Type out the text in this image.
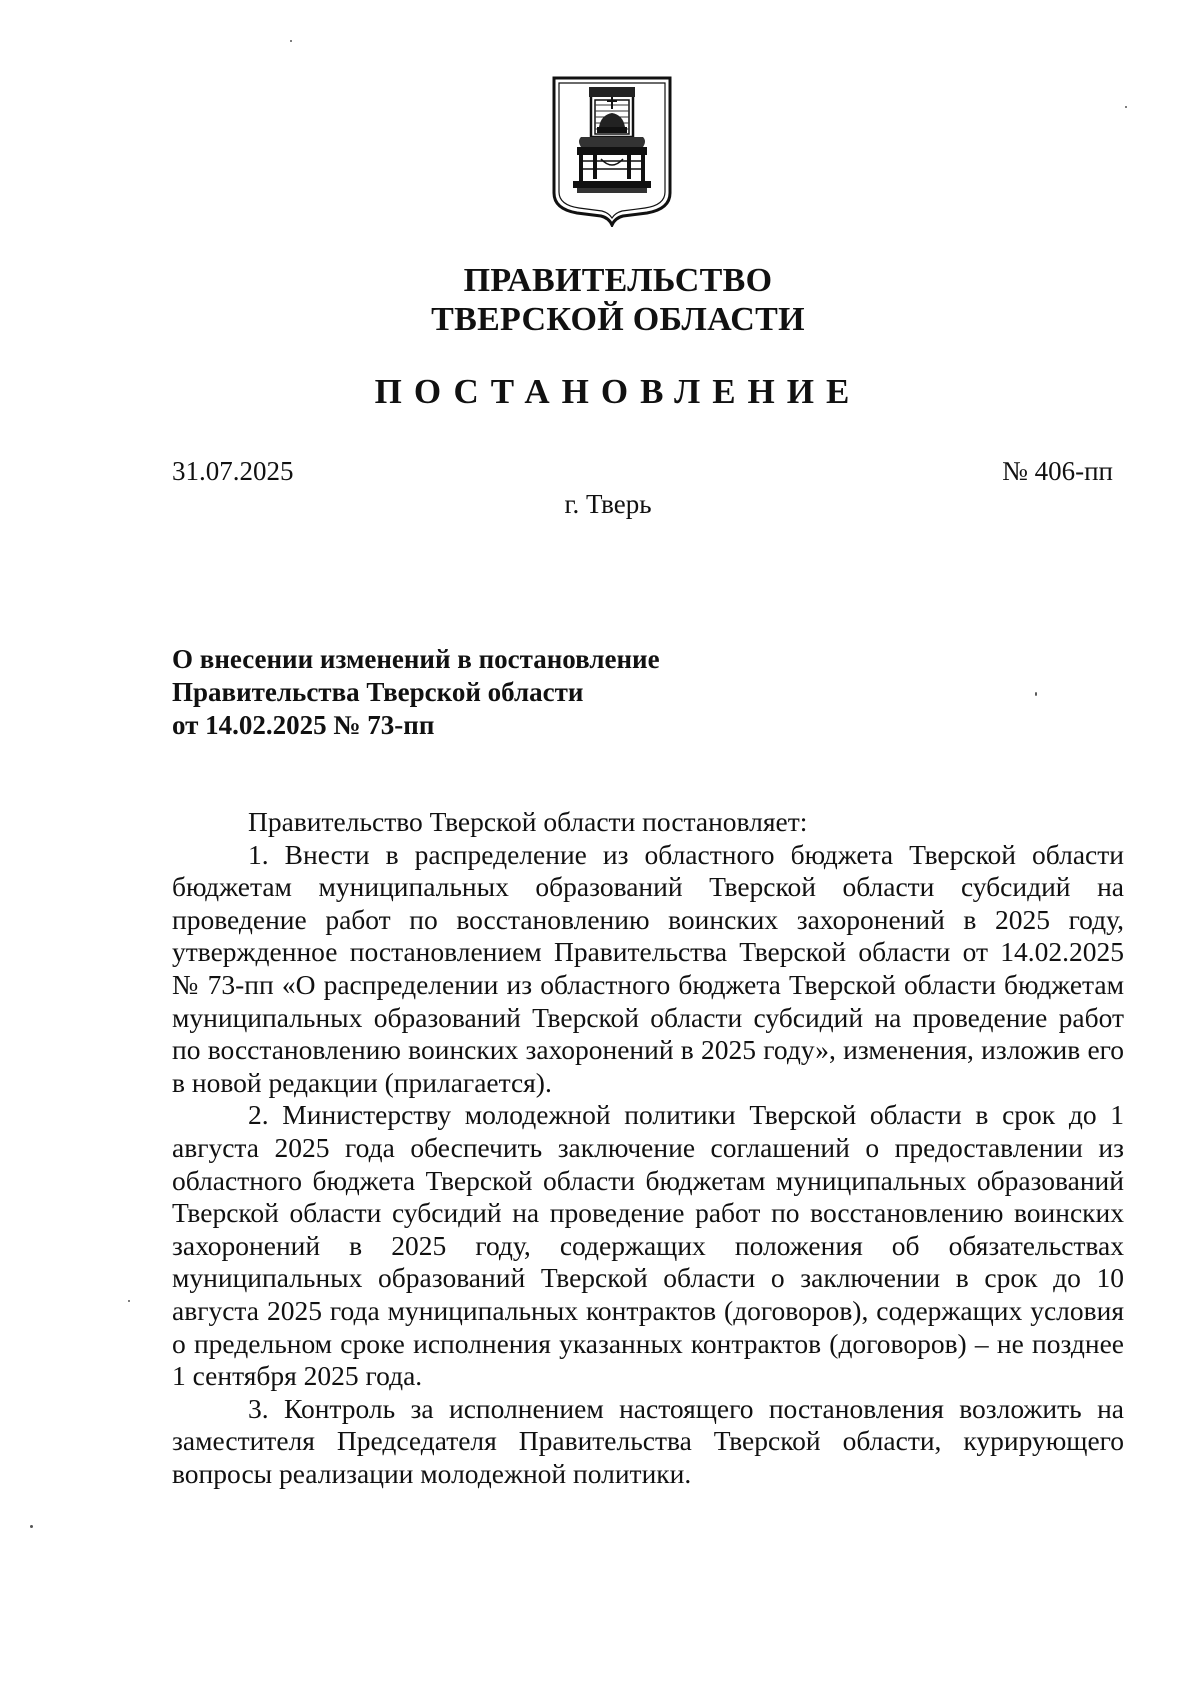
ПРАВИТЕЛЬСТВО
ТВЕРСКОЙ ОБЛАСТИ
ПОСТАНОВЛЕНИЕ
31.07.2025	№ 406-пп
г. Тверь
О внесении изменений в постановление
Правительства Тверской области
от 14.02.2025 № 73-пп

Правительство Тверской области постановляет:

1. Внести в распределение из областного бюджета Тверской области бюджетам муниципальных образований Тверской области субсидий на проведение работ по восстановлению воинских захоронений в 2025 году, утвержденное постановлением Правительства Тверской области от 14.02.2025 № 73-пп «О распределении из областного бюджета Тверской области бюджетам муниципальных образований Тверской области субсидий на проведение работ по восстановлению воинских захоронений в 2025 году», изменения, изложив его в новой редакции (прилагается).

2. Министерству молодежной политики Тверской области в срок до 1 августа 2025 года обеспечить заключение соглашений о предоставлении из областного бюджета Тверской области бюджетам муниципальных образований Тверской области субсидий на проведение работ по восстановлению воинских захоронений в 2025 году, содержащих положения об обязательствах муниципальных образований Тверской области о заключении в срок до 10 августа 2025 года муниципальных контрактов (договоров), содержащих условия о предельном сроке исполнения указанных контрактов (договоров) – не позднее 1 сентября 2025 года.

3. Контроль за исполнением настоящего постановления возложить на заместителя Председателя Правительства Тверской области, курирующего вопросы реализации молодежной политики.
